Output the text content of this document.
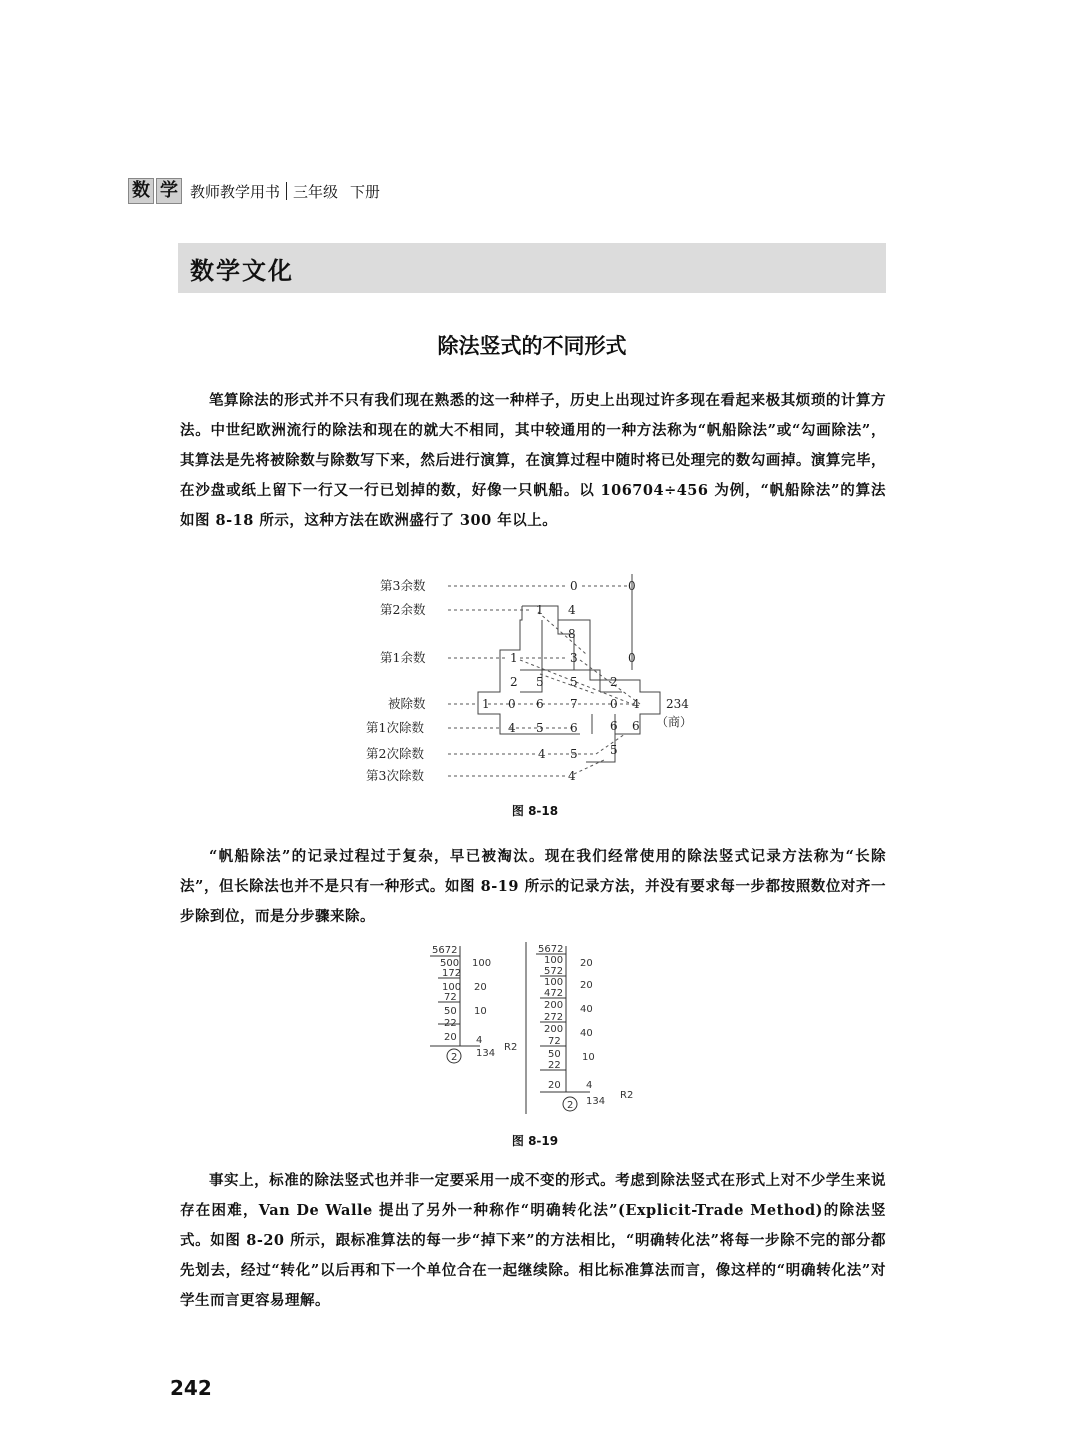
数 学 教师教学用书 三年级 下册
数学文化
除法竖式的不同形式

笔算除法的形式并不只有我们现在熟悉的这一种样子，历史上出现过许多现在看起来极其烦琐的计算方法。中世纪欧洲流行的除法和现在的就大不相同，其中较通用的一种方法称为“帆船除法”或“勾画除法”，其算法是先将被除数与除数写下来，然后进行演算，在演算过程中随时将已处理完的数勾画掉。演算完毕，在沙盘或纸上留下一行又一行已划掉的数，好像一只帆船。以 106704÷456 为例，“帆船除法”的算法如图 8-18 所示，这种方法在欧洲盛行了 300 年以上。

第3余数
第2余数
第1余数
被除数
第1次除数
第2次除数
第3次除数
0	0
1 4
8
1	3	0
2 5 5	2
1 0 6 7	0 4 234
（商）
4 5 6	6 6
4 5	5
4
图 8-18

“帆船除法”的记录过程过于复杂，早已被淘汰。现在我们经常使用的除法竖式记录方法称为“长除法”，但长除法也并不是只有一种形式。如图 8-19 所示的记录方法，并没有要求每一步都按照数位对齐一步除到位，而是分步骤来除。

5672
500
172
100
72
50
22
20
100
20
10
4
2 134
R2
5672
100
572
100
472
200
272
200
72
50
22
20
20
20
40
40
10
4
2 134
R2
图 8-19

事实上，标准的除法竖式也并非一定要采用一成不变的形式。考虑到除法竖式在形式上对不少学生来说存在困难，Van De Walle 提出了另外一种称作“明确转化法”(Explicit-Trade Method)的除法竖式。如图 8-20 所示，跟标准算法的每一步“掉下来”的方法相比，“明确转化法”将每一步除不完的部分都先划去，经过“转化”以后再和下一个单位合在一起继续除。相比标准算法而言，像这样的“明确转化法”对学生而言更容易理解。

242
